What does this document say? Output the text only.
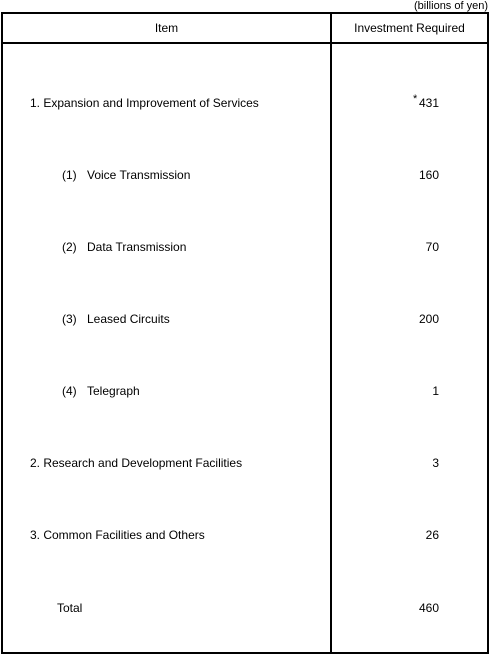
(billions of yen)
Item	Investment Required
1. Expansion and Improvement of Services	* 431
(1) Voice Transmission	160
(2) Data Transmission	70
(3) Leased Circuits	200
(4) Telegraph	1
2. Research and Development Facilities	3
3. Common Facilities and Others	26
Total	460
